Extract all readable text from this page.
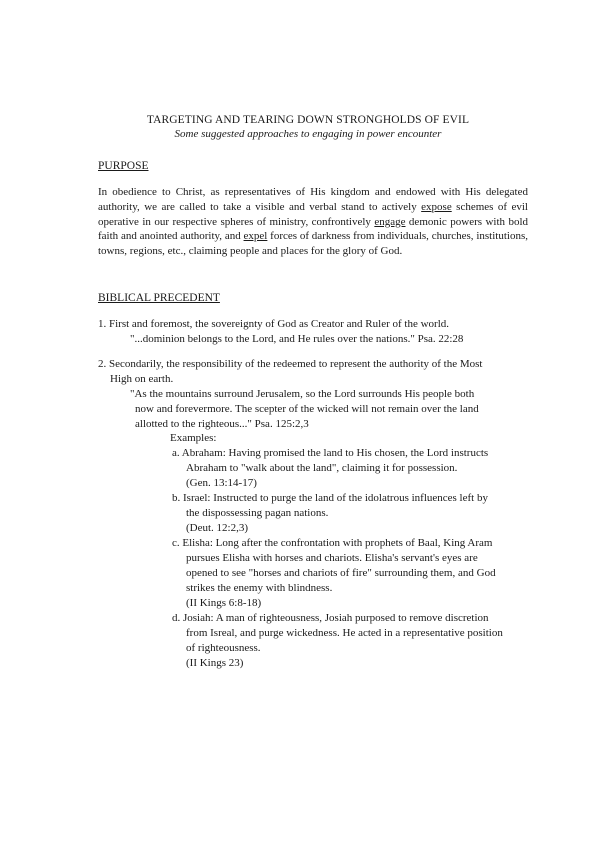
TARGETING AND TEARING DOWN STRONGHOLDS OF EVIL
Some suggested approaches to engaging in power encounter
PURPOSE
In obedience to Christ, as representatives of His kingdom and endowed with His delegated authority, we are called to take a visible and verbal stand to actively expose schemes of evil operative in our respective spheres of ministry, confrontively engage demonic powers with bold faith and anointed authority, and expel forces of darkness from individuals, churches, institutions, towns, regions, etc., claiming people and places for the glory of God.
BIBLICAL PRECEDENT
1. First and foremost, the sovereignty of God as Creator and Ruler of the world.
"...dominion belongs to the Lord, and He rules over the nations." Psa. 22:28
2. Secondarily, the responsibility of the redeemed to represent the authority of the Most
High on earth.
"As the mountains surround Jerusalem, so the Lord surrounds His people both
now and forevermore. The scepter of the wicked will not remain over the land
allotted to the righteous..." Psa. 125:2,3
Examples:
a. Abraham: Having promised the land to His chosen, the Lord instructs
Abraham to "walk about the land", claiming it for possession.
(Gen. 13:14-17)
b. Israel: Instructed to purge the land of the idolatrous influences left by
the dispossessing pagan nations.
(Deut. 12:2,3)
c. Elisha: Long after the confrontation with prophets of Baal, King Aram
pursues Elisha with horses and chariots. Elisha's servant's eyes are
opened to see "horses and chariots of fire" surrounding them, and God
strikes the enemy with blindness.
(II Kings 6:8-18)
d. Josiah: A man of righteousness, Josiah purposed to remove discretion
from Isreal, and purge wickedness. He acted in a representative position
of righteousness.
(II Kings 23)
